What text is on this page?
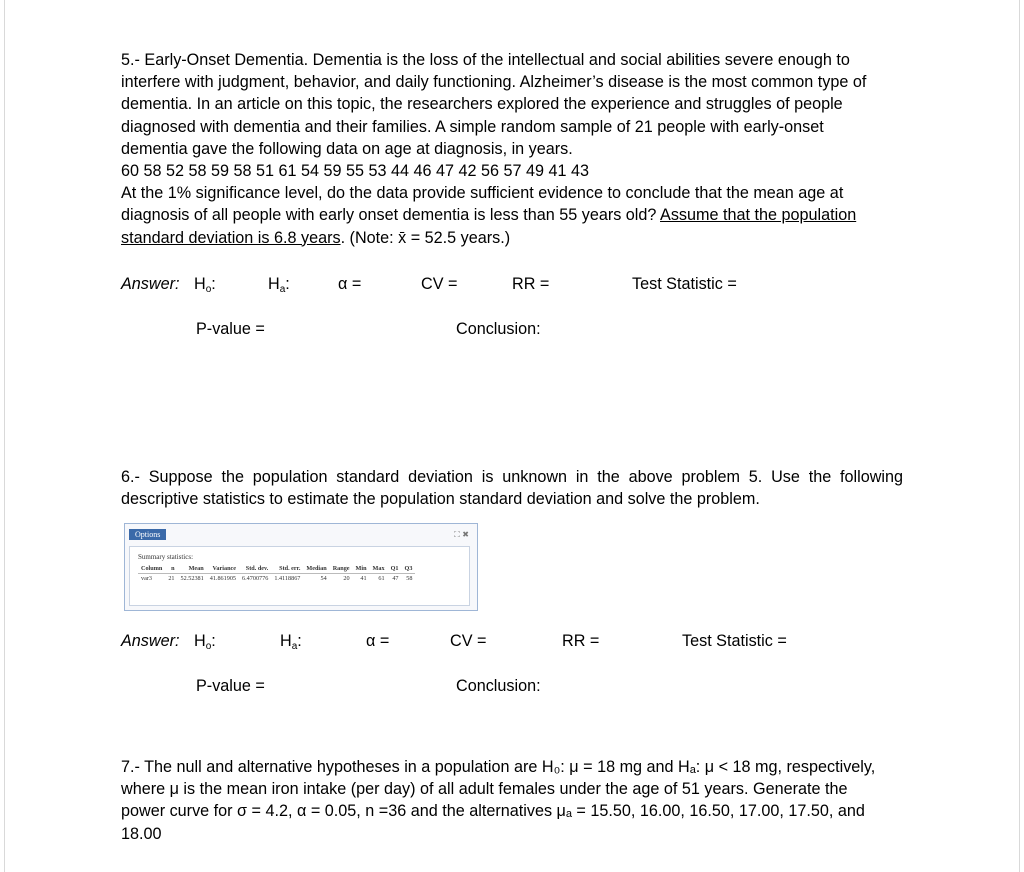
5.- Early-Onset Dementia. Dementia is the loss of the intellectual and social abilities severe enough to interfere with judgment, behavior, and daily functioning. Alzheimer’s disease is the most common type of dementia. In an article on this topic, the researchers explored the experience and struggles of people diagnosed with dementia and their families. A simple random sample of 21 people with early-onset dementia gave the following data on age at diagnosis, in years.

60 58 52 58 59 58 51 61 54 59 55 53 44 46 47 42 56 57 49 41 43

At the 1% significance level, do the data provide sufficient evidence to conclude that the mean age at diagnosis of all people with early onset dementia is less than 55 years old? Assume that the population standard deviation is 6.8 years. (Note: x̄ = 52.5 years.)

Answer: $H_o$:	$H_a$:	α =	CV =	RR =	Test Statistic =
P-value =	Conclusion:

6.- Suppose the population standard deviation is unknown in the above problem 5. Use the following descriptive statistics to estimate the population standard deviation and solve the problem.

Options	⛶ ✖
Summary statistics:
Column	n	Mean	Variance	Std. dev.	Std. err.	Median	Range	Min	Max	Q1	Q3
var3	21	52.52381	41.861905	6.4700776	1.4118867	54	20	41	61	47	58
Answer: $H_o$:	$H_a$:	α =	CV =	RR =	Test Statistic =
P-value =	Conclusion:

7.- The null and alternative hypotheses in a population are H₀: μ = 18 mg and Hₐ: μ < 18 mg, respectively, where μ is the mean iron intake (per day) of all adult females under the age of 51 years. Generate the power curve for σ = 4.2, α = 0.05, n =36 and the alternatives μₐ = 15.50, 16.00, 16.50, 17.00, 17.50, and 18.00
